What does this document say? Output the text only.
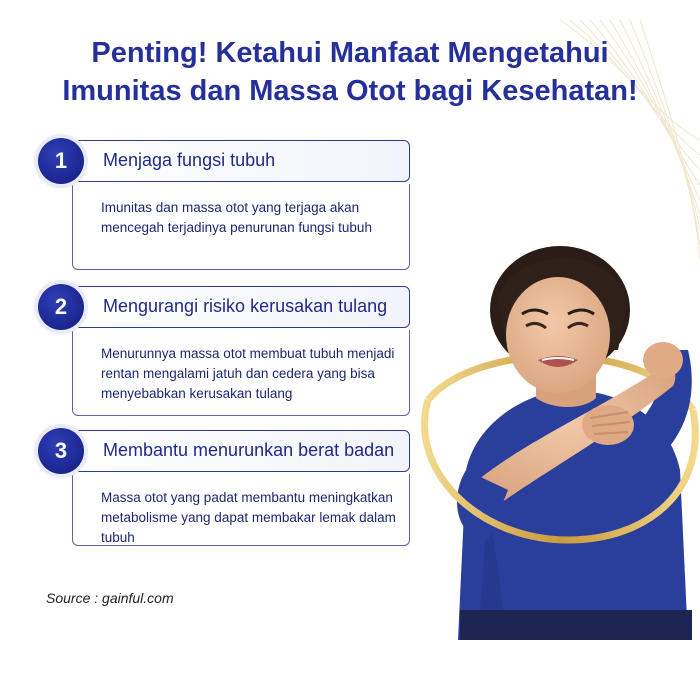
Penting! Ketahui Manfaat Mengetahui
Imunitas dan Massa Otot bagi Kesehatan!
Menjaga fungsi tubuh
Imunitas dan massa otot yang terjaga akan mencegah terjadinya penurunan fungsi tubuh
1
Mengurangi risiko kerusakan tulang
Menurunnya massa otot membuat tubuh menjadi rentan mengalami jatuh dan cedera yang bisa menyebabkan kerusakan tulang
2
Membantu menurunkan berat badan
Massa otot yang padat membantu meningkatkan metabolisme yang dapat membakar lemak dalam tubuh
3
Source : gainful.com
